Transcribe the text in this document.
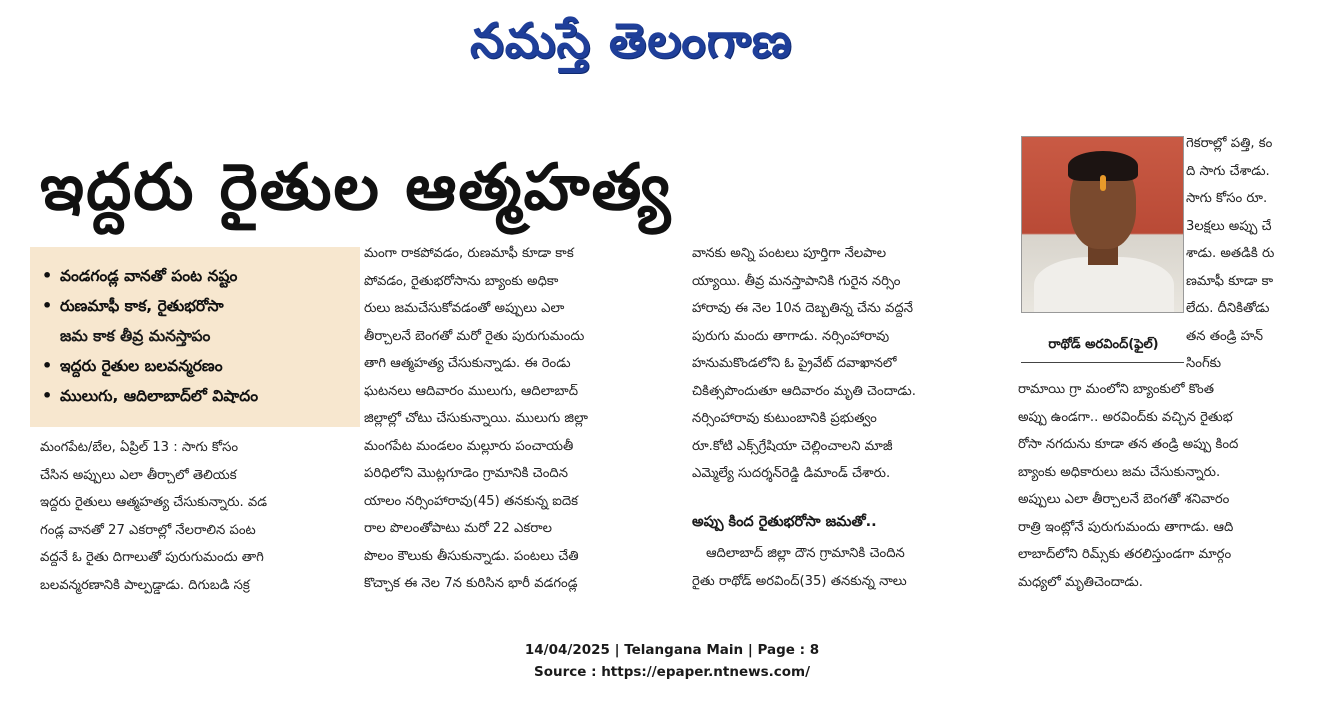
నమస్తే తెలంగాణ
ఇద్దరు రైతుల ఆత్మహత్య
• వండగండ్ల వానతో పంట నష్టం
• రుణమాఫీ కాక, రైతుభరోసా
జమ కాక తీవ్ర మనస్తాపం
• ఇద్దరు రైతుల బలవన్మరణం
• ములుగు, ఆదిలాబాద్‌లో విషాదం

మంగపేట/బేల, ఏప్రిల్ 13 : సాగు కోసం

చేసిన అప్పులు ఎలా తీర్చాలో తెలియక

ఇద్దరు రైతులు ఆత్మహత్య చేసుకున్నారు. వడ

గండ్ల వానతో 27 ఎకరాల్లో నేలరాలిన పంట

వద్దనే ఓ రైతు దిగాలుతో పురుగుమందు తాగి

బలవన్మరణానికి పాల్పడ్డాడు. దిగుబడి సక్ర

మంగా రాకపోవడం, రుణమాఫీ కూడా కాక

పోవడం, రైతుభరోసాను బ్యాంకు అధికా

రులు జమచేసుకోవడంతో అప్పులు ఎలా

తీర్చాలనే బెంగతో మరో రైతు పురుగుమందు

తాగి ఆత్మహత్య చేసుకున్నాడు. ఈ రెండు

ఘటనలు ఆదివారం ములుగు, ఆదిలాబాద్

జిల్లాల్లో చోటు చేసుకున్నాయి. ములుగు జిల్లా

మంగపేట మండలం మల్లూరు పంచాయతీ

పరిధిలోని మొట్లగూడెం గ్రామానికి చెందిన

యాలం నర్సింహారావు(45) తనకున్న ఐదెక

రాల పొలంతోపాటు మరో 22 ఎకరాల

పొలం కౌలుకు తీసుకున్నాడు. పంటలు చేతి

కొచ్చాక ఈ నెల 7న కురిసిన భారీ వడగండ్ల

వానకు అన్ని పంటలు పూర్తిగా నేలపాల

య్యాయి. తీవ్ర మనస్తాపానికి గురైన నర్సిం

హారావు ఈ నెల 10న దెబ్బతిన్న చేను వద్దనే

పురుగు మందు తాగాడు. నర్సింహారావు

హనుమకొండలోని ఓ ప్రైవేట్ దవాఖానలో

చికిత్సపొందుతూ ఆదివారం మృతి చెందాడు.

నర్సింహారావు కుటుంబానికి ప్రభుత్వం

రూ.కోటి ఎక్స్‌గ్రేషియా చెల్లించాలని మాజీ

ఎమ్మెల్యే సుదర్శన్‌రెడ్డి డిమాండ్ చేశారు.

అప్పు కింద రైతుభరోసా జమతో..

ఆదిలాబాద్ జిల్లా దౌన గ్రామానికి చెందిన

రైతు రాథోడ్ అరవింద్(35) తనకున్న నాలు

రాథోడ్ అరవింద్(ఫైల్)

గెకరాల్లో పత్తి, కం

ది సాగు చేశాడు.

సాగు కోసం రూ.

3లక్షలు అప్పు చే

శాడు. అతడికి రు

ణమాఫీ కూడా కా

లేదు. దీనికితోడు

తన తండ్రి హన్

సింగ్‌కు

రామాయి గ్రా మంలోని బ్యాంకులో కొంత

అప్పు ఉండగా.. అరవింద్‌కు వచ్చిన రైతుభ

రోసా నగదును కూడా తన తండ్రి అప్పు కింద

బ్యాంకు అధికారులు జమ చేసుకున్నారు.

అప్పులు ఎలా తీర్చాలనే బెంగతో శనివారం

రాత్రి ఇంట్లోనే పురుగుమందు తాగాడు. ఆది

లాబాద్‌లోని రిమ్స్‌కు తరలిస్తుండగా మార్గం

మధ్యలో మృతిచెందాడు.

14/04/2025 | Telangana Main | Page : 8
Source : https://epaper.ntnews.com/
